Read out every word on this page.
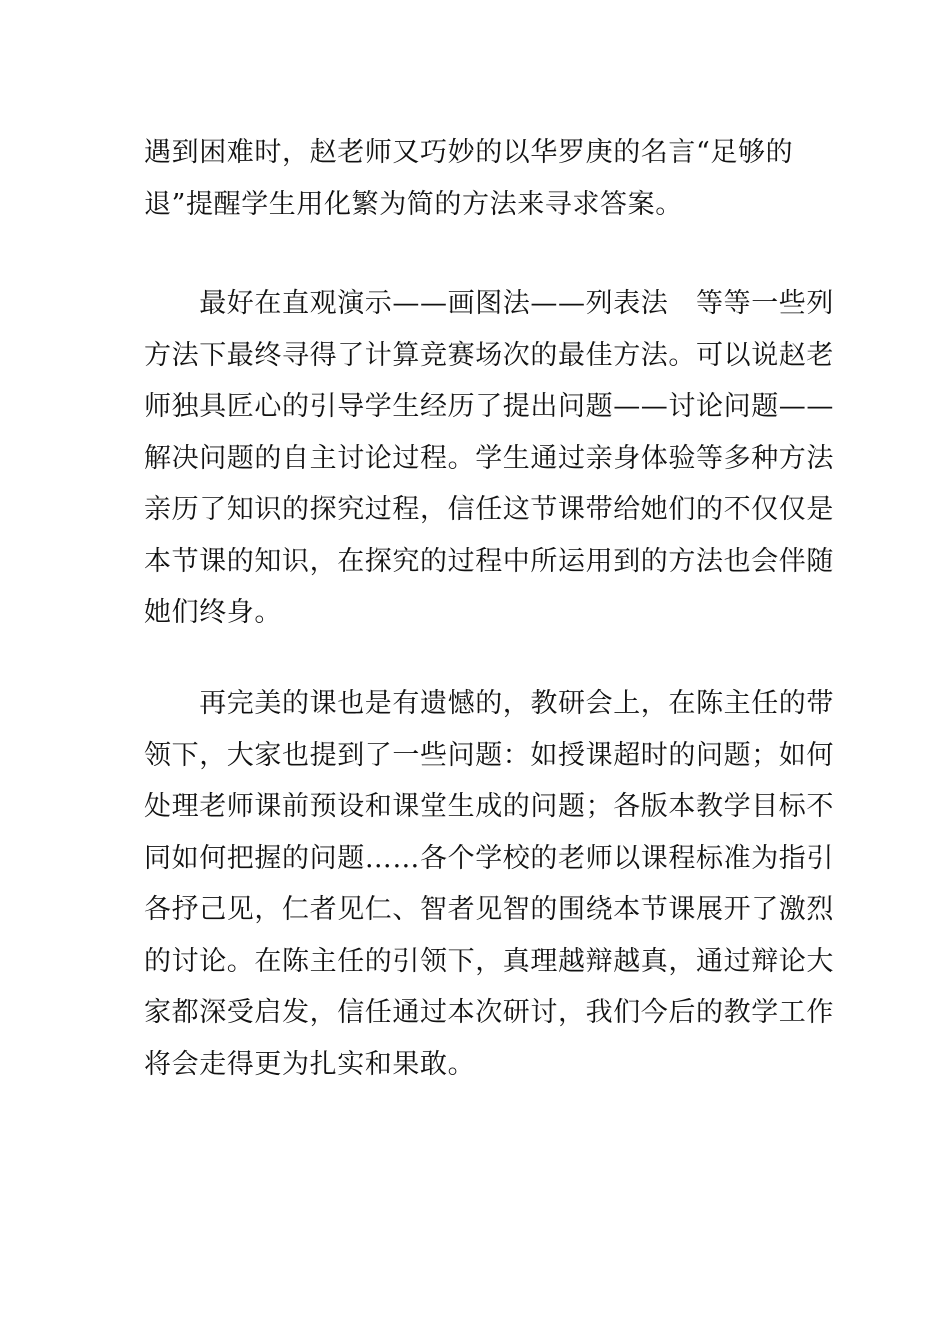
遇到困难时，赵老师又巧妙的以华罗庚的名言“足够的
退”提醒学生用化繁为简的方法来寻求答案。
　　最好在直观演示——画图法——列表法　等等一些列
方法下最终寻得了计算竞赛场次的最佳方法。可以说赵老
师独具匠心的引导学生经历了提出问题——讨论问题——
解决问题的自主讨论过程。学生通过亲身体验等多种方法
亲历了知识的探究过程，信任这节课带给她们的不仅仅是
本节课的知识，在探究的过程中所运用到的方法也会伴随
她们终身。
　　再完美的课也是有遗憾的，教研会上，在陈主任的带
领下，大家也提到了一些问题：如授课超时的问题；如何
处理老师课前预设和课堂生成的问题；各版本教学目标不
同如何把握的问题……各个学校的老师以课程标准为指引
各抒己见，仁者见仁、智者见智的围绕本节课展开了激烈
的讨论。在陈主任的引领下，真理越辩越真，通过辩论大
家都深受启发，信任通过本次研讨，我们今后的教学工作
将会走得更为扎实和果敢。
